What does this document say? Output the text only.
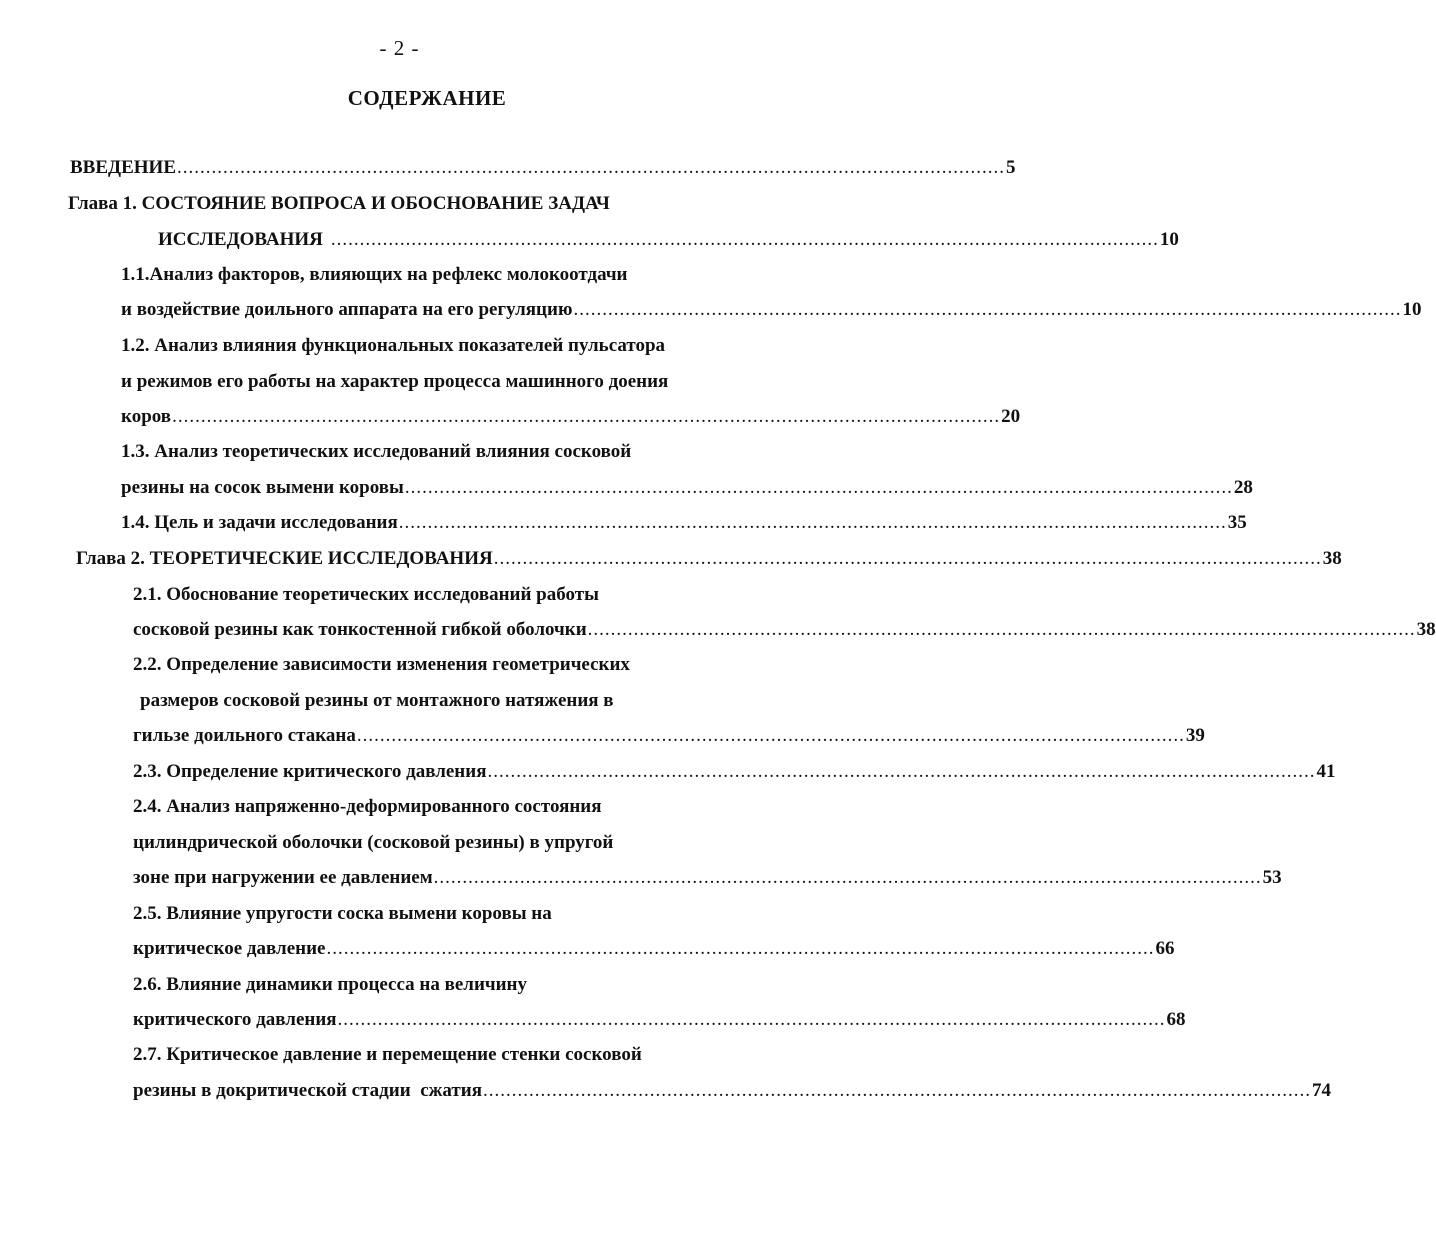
- 2 -
СОДЕРЖАНИЕ
ВВЕДЕНИЕ ................................................................................................................................................ 5
Глава 1. СОСТОЯНИЕ ВОПРОСА И ОБОСНОВАНИЕ ЗАДАЧ
ИССЛЕДОВАНИЯ ................................................................................................................................................ 10
1.1.Анализ факторов, влияющих на рефлекс молокоотдачи
и воздействие доильного аппарата на его регуляцию ................................................................................................................................................ 10
1.2. Анализ влияния функциональных показателей пульсатора
и режимов его работы на характер процесса машинного доения
коров ................................................................................................................................................ 20
1.3. Анализ теоретических исследований влияния сосковой
резины на сосок вымени коровы ................................................................................................................................................ 28
1.4. Цель и задачи исследования ................................................................................................................................................ 35
Глава 2. ТЕОРЕТИЧЕСКИЕ ИССЛЕДОВАНИЯ ................................................................................................................................................ 38
2.1. Обоснование теоретических исследований работы
сосковой резины как тонкостенной гибкой оболочки ................................................................................................................................................ 38
2.2. Определение зависимости изменения геометрических
размеров сосковой резины от монтажного натяжения в
гильзе доильного стакана ................................................................................................................................................ 39
2.3. Определение критического давления ................................................................................................................................................ 41
2.4. Анализ напряженно-деформированного состояния
цилиндрической оболочки (сосковой резины) в упругой
зоне при нагружении ее давлением ................................................................................................................................................ 53
2.5. Влияние упругости соска вымени коровы на
критическое давление ................................................................................................................................................ 66
2.6. Влияние динамики процесса на величину
критического давления ................................................................................................................................................ 68
2.7. Критическое давление и перемещение стенки сосковой
резины в докритической стадии  сжатия ................................................................................................................................................ 74
